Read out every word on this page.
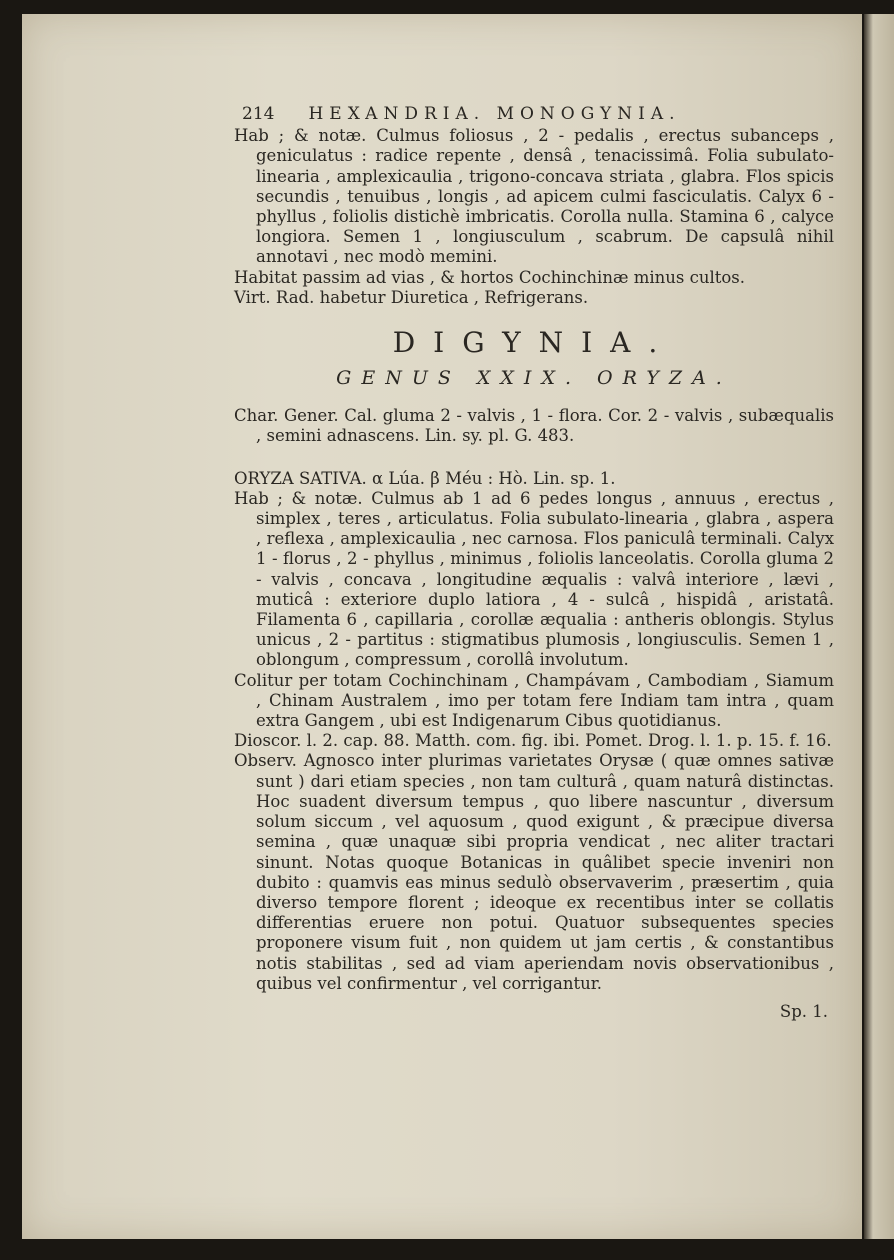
214 HEXANDRIA. MONOGYNIA.

Hab ; & notæ. Culmus foliosus , 2 - pedalis , erectus subanceps , geniculatus : radice repente , densâ , tenacissimâ. Folia subulato-linearia , amplexicaulia , trigono-concava striata , glabra. Flos spicis secundis , tenuibus , longis , ad apicem culmi fasciculatis. Calyx 6 - phyllus , foliolis distichè imbricatis. Corolla nulla. Stamina 6 , calyce longiora. Semen 1 , longiusculum , scabrum. De capsulâ nihil annotavi , nec modò memini.

Habitat passim ad vias , & hortos Cochinchinæ minus cultos.

Virt. Rad. habetur Diuretica , Refrigerans.

DIGYNIA.
GENUS XXIX. ORYZA.

Char. Gener. Cal. gluma 2 - valvis , 1 - flora. Cor. 2 - valvis , subæqualis , semini adnascens. Lin. sy. pl. G. 483.

ORYZA SATIVA. α Lúa. β Méu : Hò. Lin. sp. 1.

Hab ; & notæ. Culmus ab 1 ad 6 pedes longus , annuus , erectus , simplex , teres , articulatus. Folia subulato-linearia , glabra , aspera , reflexa , amplexicaulia , nec carnosa. Flos paniculâ terminali. Calyx 1 - florus , 2 - phyllus , minimus , foliolis lanceolatis. Corolla gluma 2 - valvis , concava , longitudine æqualis : valvâ interiore , lævi , muticâ : exteriore duplo latiora , 4 - sulcâ , hispidâ , aristatâ. Filamenta 6 , capillaria , corollæ æqualia : antheris oblongis. Stylus unicus , 2 - partitus : stigmatibus plumosis , longiusculis. Semen 1 , oblongum , compressum , corollâ involutum.

Colitur per totam Cochinchinam , Champávam , Cambodiam , Siamum , Chinam Australem , imo per totam fere Indiam tam intra , quam extra Gangem , ubi est Indigenarum Cibus quotidianus.

Dioscor. l. 2. cap. 88. Matth. com. fig. ibi. Pomet. Drog. l. 1. p. 15. f. 16.

Observ. Agnosco inter plurimas varietates Orysæ ( quæ omnes sativæ sunt ) dari etiam species , non tam culturâ , quam naturâ distinctas. Hoc suadent diversum tempus , quo libere nascuntur , diversum solum siccum , vel aquosum , quod exigunt , & præcipue diversa semina , quæ unaquæ sibi propria vendicat , nec aliter tractari sinunt. Notas quoque Botanicas in quâlibet specie inveniri non dubito : quamvis eas minus sedulò observaverim , præsertim , quia diverso tempore florent ; ideoque ex recentibus inter se collatis differentias eruere non potui. Quatuor subsequentes species proponere visum fuit , non quidem ut jam certis , & constantibus notis stabilitas , sed ad viam aperiendam novis observationibus , quibus vel confirmentur , vel corrigantur.

Sp. 1.
